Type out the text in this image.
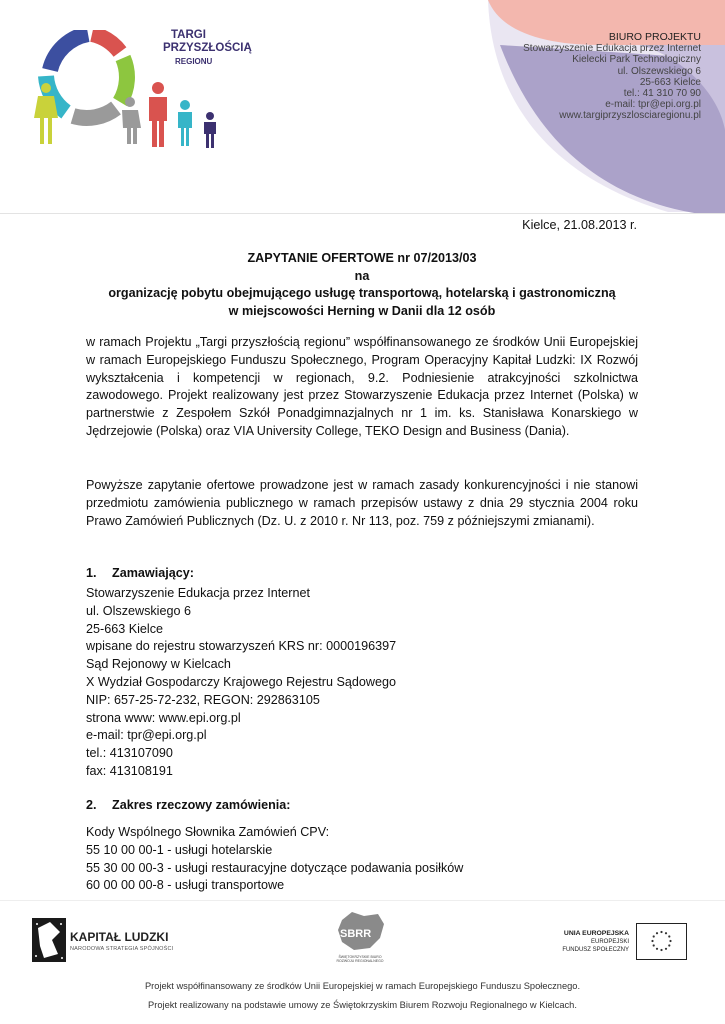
TARGI
PRZYSZŁOŚCIĄ
REGIONU
BIURO PROJEKTU
Stowarzyszenie Edukacja przez Internet
Kielecki Park Technologiczny
ul. Olszewskiego 6
25-663 Kielce
tel.: 41 310 70 90
e-mail: tpr@epi.org.pl
www.targiprzyszlosciaregionu.pl
Kielce, 21.08.2013 r.
ZAPYTANIE OFERTOWE nr 07/2013/03
na
organizację pobytu obejmującego usługę transportową, hotelarską i gastronomiczną
w miejscowości Herning w Danii dla 12 osób
w ramach Projektu „Targi przyszłością regionu” współfinansowanego ze środków Unii Europejskiej w ramach Europejskiego Funduszu Społecznego, Program Operacyjny Kapitał Ludzki: IX Rozwój wykształcenia i kompetencji w regionach, 9.2. Podniesienie atrakcyjności szkolnictwa zawodowego. Projekt realizowany jest przez Stowarzyszenie Edukacja przez Internet (Polska) w partnerstwie z Zespołem Szkół Ponadgimnazjalnych nr 1 im. ks. Stanisława Konarskiego w Jędrzejowie (Polska) oraz VIA University College, TEKO Design and Business (Dania).
Powyższe zapytanie ofertowe prowadzone jest w ramach zasady konkurencyjności i nie stanowi przedmiotu zamówienia publicznego w ramach przepisów ustawy z dnia 29 stycznia 2004 roku Prawo Zamówień Publicznych (Dz. U. z 2010 r. Nr 113, poz. 759 z późniejszymi zmianami).
1. Zamawiający:
Stowarzyszenie Edukacja przez Internet
ul. Olszewskiego 6
25-663 Kielce
wpisane do rejestru stowarzyszeń KRS nr: 0000196397
Sąd Rejonowy w Kielcach
X Wydział Gospodarczy Krajowego Rejestru Sądowego
NIP: 657-25-72-232, REGON: 292863105
strona www: www.epi.org.pl
e-mail: tpr@epi.org.pl
tel.: 413107090
fax: 413108191
2. Zakres rzeczowy zamówienia:
Kody Wspólnego Słownika Zamówień CPV:
55 10 00 00-1 - usługi hotelarskie
55 30 00 00-3 - usługi restauracyjne dotyczące podawania posiłków
60 00 00 00-8 - usługi transportowe
KAPITAŁ LUDZKI
NARODOWA STRATEGIA SPÓJNOŚCI
SBRR
ŚWIĘTOKRZYSKIE BIURO ROZWOJU REGIONALNEGO
UNIA EUROPEJSKA
EUROPEJSKI
FUNDUSZ SPOŁECZNY
Projekt współfinansowany ze środków Unii Europejskiej w ramach Europejskiego Funduszu Społecznego.
Projekt realizowany na podstawie umowy ze Świętokrzyskim Biurem Rozwoju Regionalnego w Kielcach.
